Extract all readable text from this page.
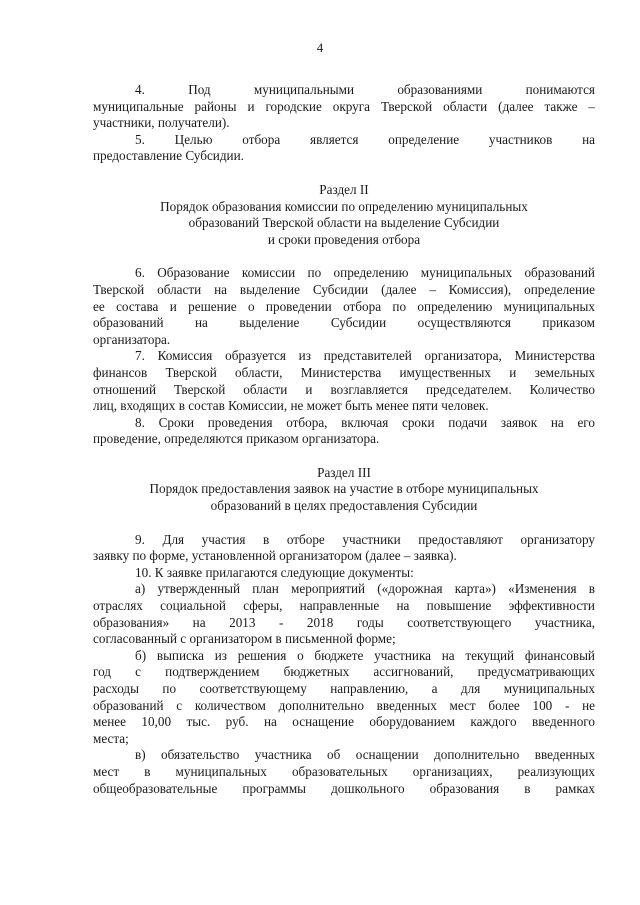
4
4. Под муниципальными образованиями понимаются
муниципальные районы и городские округа Тверской области (далее также –
участники, получатели).
5. Целью отбора является определение участников на
предоставление Субсидии.
Раздел II
Порядок образования комиссии по определению муниципальных
образований Тверской области на выделение Субсидии
и сроки проведения отбора
6. Образование комиссии по определению муниципальных образований
Тверской области на выделение Субсидии (далее – Комиссия), определение
ее состава и решение о проведении отбора по определению муниципальных
образований на выделение Субсидии осуществляются приказом
организатора.
7. Комиссия образуется из представителей организатора, Министерства
финансов Тверской области, Министерства имущественных и земельных
отношений Тверской области и возглавляется председателем. Количество
лиц, входящих в состав Комиссии, не может быть менее пяти человек.
8. Сроки проведения отбора, включая сроки подачи заявок на его
проведение, определяются приказом организатора.
Раздел III
Порядок предоставления заявок на участие в отборе муниципальных
образований в целях предоставления Субсидии
9. Для участия в отборе участники предоставляют организатору
заявку по форме, установленной организатором (далее – заявка).
10. К заявке прилагаются следующие документы:
а) утвержденный план мероприятий («дорожная карта») «Изменения в
отраслях социальной сферы, направленные на повышение эффективности
образования» на 2013 - 2018 годы соответствующего участника,
согласованный с организатором в письменной форме;
б) выписка из решения о бюджете участника на текущий финансовый
год с подтверждением бюджетных ассигнований, предусматривающих
расходы по соответствующему направлению, а для муниципальных
образований с количеством дополнительно введенных мест более 100 - не
менее 10,00 тыс. руб. на оснащение оборудованием каждого введенного
места;
в) обязательство участника об оснащении дополнительно введенных
мест в муниципальных образовательных организациях, реализующих
общеобразовательные программы дошкольного образования в рамках
